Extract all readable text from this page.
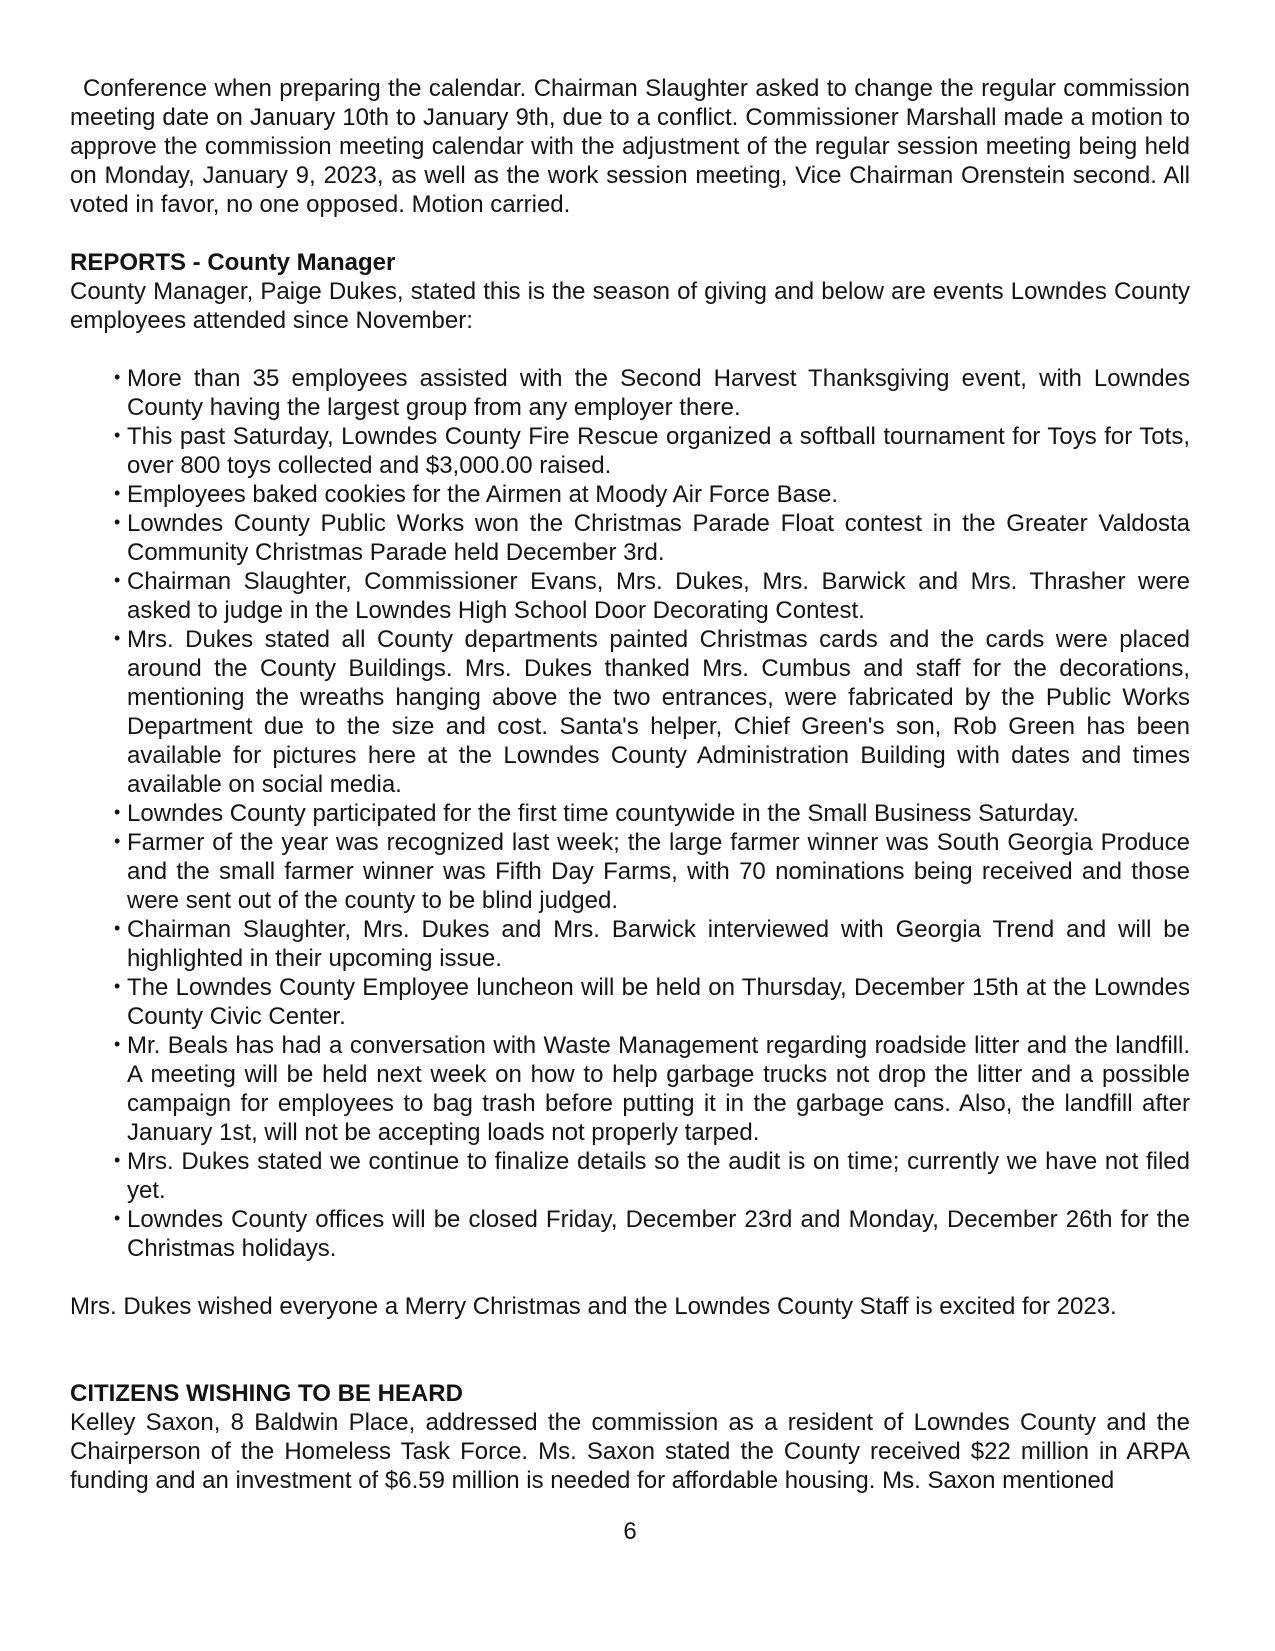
Conference when preparing the calendar. Chairman Slaughter asked to change the regular commission meeting date on January 10th to January 9th, due to a conflict. Commissioner Marshall made a motion to approve the commission meeting calendar with the adjustment of the regular session meeting being held on Monday, January 9, 2023, as well as the work session meeting, Vice Chairman Orenstein second. All voted in favor, no one opposed. Motion carried.

REPORTS - County Manager

County Manager, Paige Dukes, stated this is the season of giving and below are events Lowndes County employees attended since November:

• More than 35 employees assisted with the Second Harvest Thanksgiving event, with Lowndes County having the largest group from any employer there.
• This past Saturday, Lowndes County Fire Rescue organized a softball tournament for Toys for Tots, over 800 toys collected and $3,000.00 raised.
• Employees baked cookies for the Airmen at Moody Air Force Base.
• Lowndes County Public Works won the Christmas Parade Float contest in the Greater Valdosta Community Christmas Parade held December 3rd.
• Chairman Slaughter, Commissioner Evans, Mrs. Dukes, Mrs. Barwick and Mrs. Thrasher were asked to judge in the Lowndes High School Door Decorating Contest.
• Mrs. Dukes stated all County departments painted Christmas cards and the cards were placed around the County Buildings. Mrs. Dukes thanked Mrs. Cumbus and staff for the decorations, mentioning the wreaths hanging above the two entrances, were fabricated by the Public Works Department due to the size and cost. Santa's helper, Chief Green's son, Rob Green has been available for pictures here at the Lowndes County Administration Building with dates and times available on social media.
• Lowndes County participated for the first time countywide in the Small Business Saturday.
• Farmer of the year was recognized last week; the large farmer winner was South Georgia Produce and the small farmer winner was Fifth Day Farms, with 70 nominations being received and those were sent out of the county to be blind judged.
• Chairman Slaughter, Mrs. Dukes and Mrs. Barwick interviewed with Georgia Trend and will be highlighted in their upcoming issue.
• The Lowndes County Employee luncheon will be held on Thursday, December 15th at the Lowndes County Civic Center.
• Mr. Beals has had a conversation with Waste Management regarding roadside litter and the landfill. A meeting will be held next week on how to help garbage trucks not drop the litter and a possible campaign for employees to bag trash before putting it in the garbage cans. Also, the landfill after January 1st, will not be accepting loads not properly tarped.
• Mrs. Dukes stated we continue to finalize details so the audit is on time; currently we have not filed yet.
• Lowndes County offices will be closed Friday, December 23rd and Monday, December 26th for the Christmas holidays.

Mrs. Dukes wished everyone a Merry Christmas and the Lowndes County Staff is excited for 2023.

CITIZENS WISHING TO BE HEARD

Kelley Saxon, 8 Baldwin Place, addressed the commission as a resident of Lowndes County and the Chairperson of the Homeless Task Force. Ms. Saxon stated the County received $22 million in ARPA funding and an investment of $6.59 million is needed for affordable housing. Ms. Saxon mentioned

6
